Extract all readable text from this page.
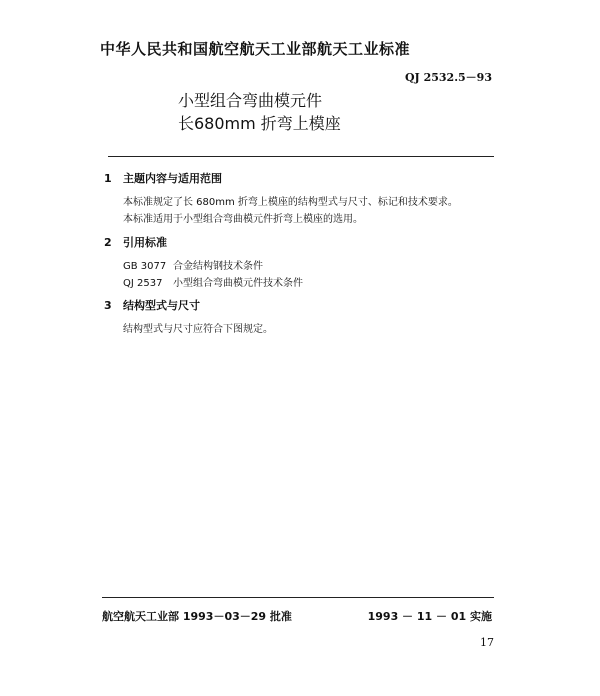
中华人民共和国航空航天工业部航天工业标准
QJ 2532.5－93
小型组合弯曲模元件
长680mm 折弯上模座
1 主题内容与适用范围
本标准规定了长 680mm 折弯上模座的结构型式与尺寸、标记和技术要求。
本标准适用于小型组合弯曲模元件折弯上模座的选用。
2 引用标准
GB 3077 合金结构钢技术条件
QJ 2537 小型组合弯曲模元件技术条件
3 结构型式与尺寸
结构型式与尺寸应符合下图规定。
航空航天工业部 1993－03－29 批准	1993 － 11 － 01 实施
17
